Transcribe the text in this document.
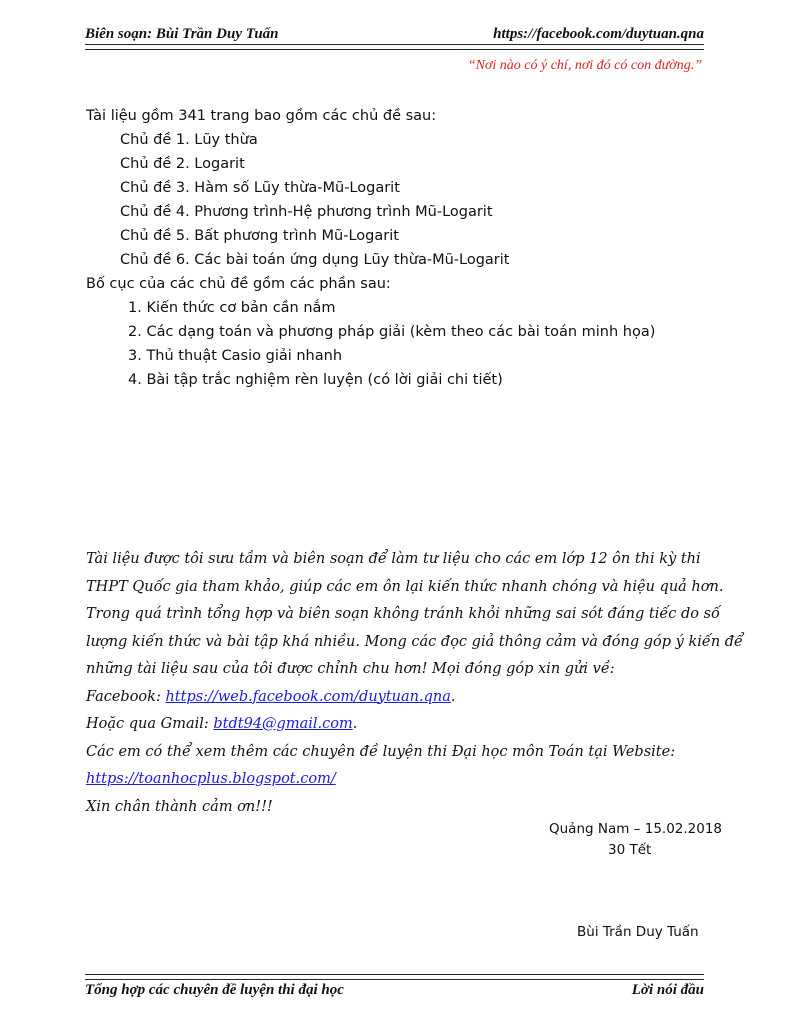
Biên soạn: Bùi Trần Duy Tuấn	https://facebook.com/duytuan.qna
“Nơi nào có ý chí, nơi đó có con đường.”
Tài liệu gồm 341 trang bao gồm các chủ đề sau:
Chủ đề 1. Lũy thừa
Chủ đề 2. Logarit
Chủ đề 3. Hàm số Lũy thừa-Mũ-Logarit
Chủ đề 4. Phương trình-Hệ phương trình Mũ-Logarit
Chủ đề 5. Bất phương trình Mũ-Logarit
Chủ đề 6. Các bài toán ứng dụng Lũy thừa-Mũ-Logarit
Bố cục của các chủ đề gồm các phần sau:
1. Kiến thức cơ bản cần nắm
2. Các dạng toán và phương pháp giải (kèm theo các bài toán minh họa)
3. Thủ thuật Casio giải nhanh
4. Bài tập trắc nghiệm rèn luyện (có lời giải chi tiết)
Tài liệu được tôi sưu tầm và biên soạn để làm tư liệu cho các em lớp 12 ôn thi kỳ thi
THPT Quốc gia tham khảo, giúp các em ôn lại kiến thức nhanh chóng và hiệu quả hơn.
Trong quá trình tổng hợp và biên soạn không tránh khỏi những sai sót đáng tiếc do số
lượng kiến thức và bài tập khá nhiều. Mong các đọc giả thông cảm và đóng góp ý kiến để
những tài liệu sau của tôi được chỉnh chu hơn! Mọi đóng góp xin gửi về:
Facebook: https://web.facebook.com/duytuan.qna.
Hoặc qua Gmail: btdt94@gmail.com.
Các em có thể xem thêm các chuyên đề luyện thi Đại học môn Toán tại Website:
https://toanhocplus.blogspot.com/
Xin chân thành cảm ơn!!!
Quảng Nam – 15.02.2018
30 Tết
Bùi Trần Duy Tuấn
Tổng hợp các chuyên đề luyện thi đại học	Lời nói đầu
